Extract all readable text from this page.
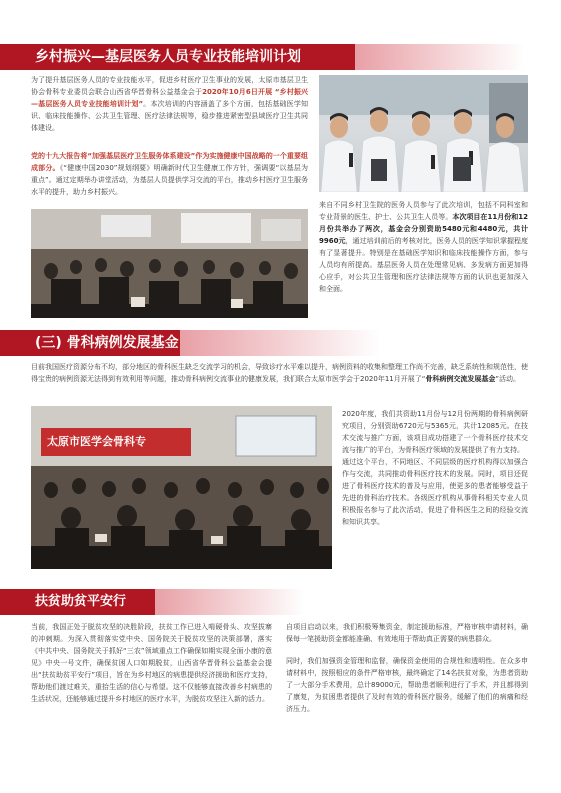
乡村振兴—基层医务人员专业技能培训计划
为了提升基层医务人员的专业技能水平，促进乡村医疗卫生事业的发展，太原市基层卫生协会骨科专业委员会联合山西省华晋骨科公益基金会于2020年10月6日开展 “乡村振兴—基层医务人员专业技能培训计划”。本次培训的内容涵盖了多个方面，包括基础医学知识、临床技能操作、公共卫生管理、医疗法律法规等，稳步推进紧密型县域医疗卫生共同体建设。
党的十九大报告将“加强基层医疗卫生服务体系建设”作为实施健康中国战略的一个重要组成部分。《“健康中国2030”规划纲要》明确新时代卫生健康工作方针，强调要“以基层为重点”。通过定期举办讲堂活动，为基层人员提供学习交流的平台，推动乡村医疗卫生服务水平的提升，助力乡村振兴。
来自不同乡村卫生院的医务人员参与了此次培训，包括不同科室和专业背景的医生、护士、公共卫生人员等。本次项目在11月份和12月份共举办了两次，基金会分别资助5480元和4480元，共计9960元，通过培训前后的考核对比，医务人员的医学知识掌握程度有了显著提升。特别是在基础医学知识和临床技能操作方面，参与人员均有所提高。基层医务人员在处理常见病、多发病方面更加得心应手，对公共卫生管理和医疗法律法规等方面的认识也更加深入和全面。
(三) 骨科病例发展基金
目前我国医疗资源分布不均，部分地区的骨科医生缺乏交流学习的机会，导致诊疗水平难以提升，病例资料的收集和整理工作尚不完善，缺乏系统性和规范性，使得宝贵的病例资源无法得到有效利用等问题，推动骨科病例交流事业的健康发展，我们联合太原市医学会于2020年11月开展了“骨科病例交流发展基金”活动。
太原市医学会骨科专
2020年度，我们共资助11月份与12月份两期的骨科病例研究项目，分别资助6720元与5365元，共计12085元。在技术交流与推广方面，该项目成功搭建了一个骨科医疗技术交流与推广的平台，为骨科医疗领域的发展提供了有力支持。
通过这个平台，不同地区、不同层级的医疗机构得以加强合作与交流，共同推动骨科医疗技术的发展。同时，项目还促进了骨科医疗技术的普及与应用，使更多的患者能够受益于先进的骨科治疗技术。各级医疗机构从事骨科相关专业人员积极报名参与了此次活动，促进了骨科医生之间的经验交流和知识共享。
扶贫助贫平安行
当前，我国正处于脱贫攻坚的决胜阶段，扶贫工作已进入啃硬骨头、攻坚拔寨的冲刺期。为深入贯彻落实党中央、国务院关于脱贫攻坚的决策部署，落实《中共中央、国务院关于抓好“三农”领域重点工作确保如期实现全面小康的意见》中央一号文件，确保贫困人口如期脱贫，山西省华晋骨科公益基金会提出“扶贫助贫平安行”项目，旨在为乡村地区的病患提供经济援助和医疗支持，帮助他们渡过难关，重拾生活的信心与希望。这不仅能够直接改善乡村病患的生活状况，还能够通过提升乡村地区的医疗水平，为脱贫攻坚注入新的活力。
自项目启动以来，我们积极筹集资金，制定援助标准，严格审核申请材料，确保每一笔援助资金都能准确、有效地用于帮助真正需要的病患群众。
同时，我们加强资金管理和监督，确保资金使用的合规性和透明性。在众多申请材料中，按照相应的条件严格审核，最终确定了14名扶贫对象，为患者资助了一大部分手术费用，总计89000元，帮助患者顺利进行了手术，并且都得到了康复，为贫困患者提供了及时有效的骨科医疗服务，缓解了他们的病痛和经济压力。
